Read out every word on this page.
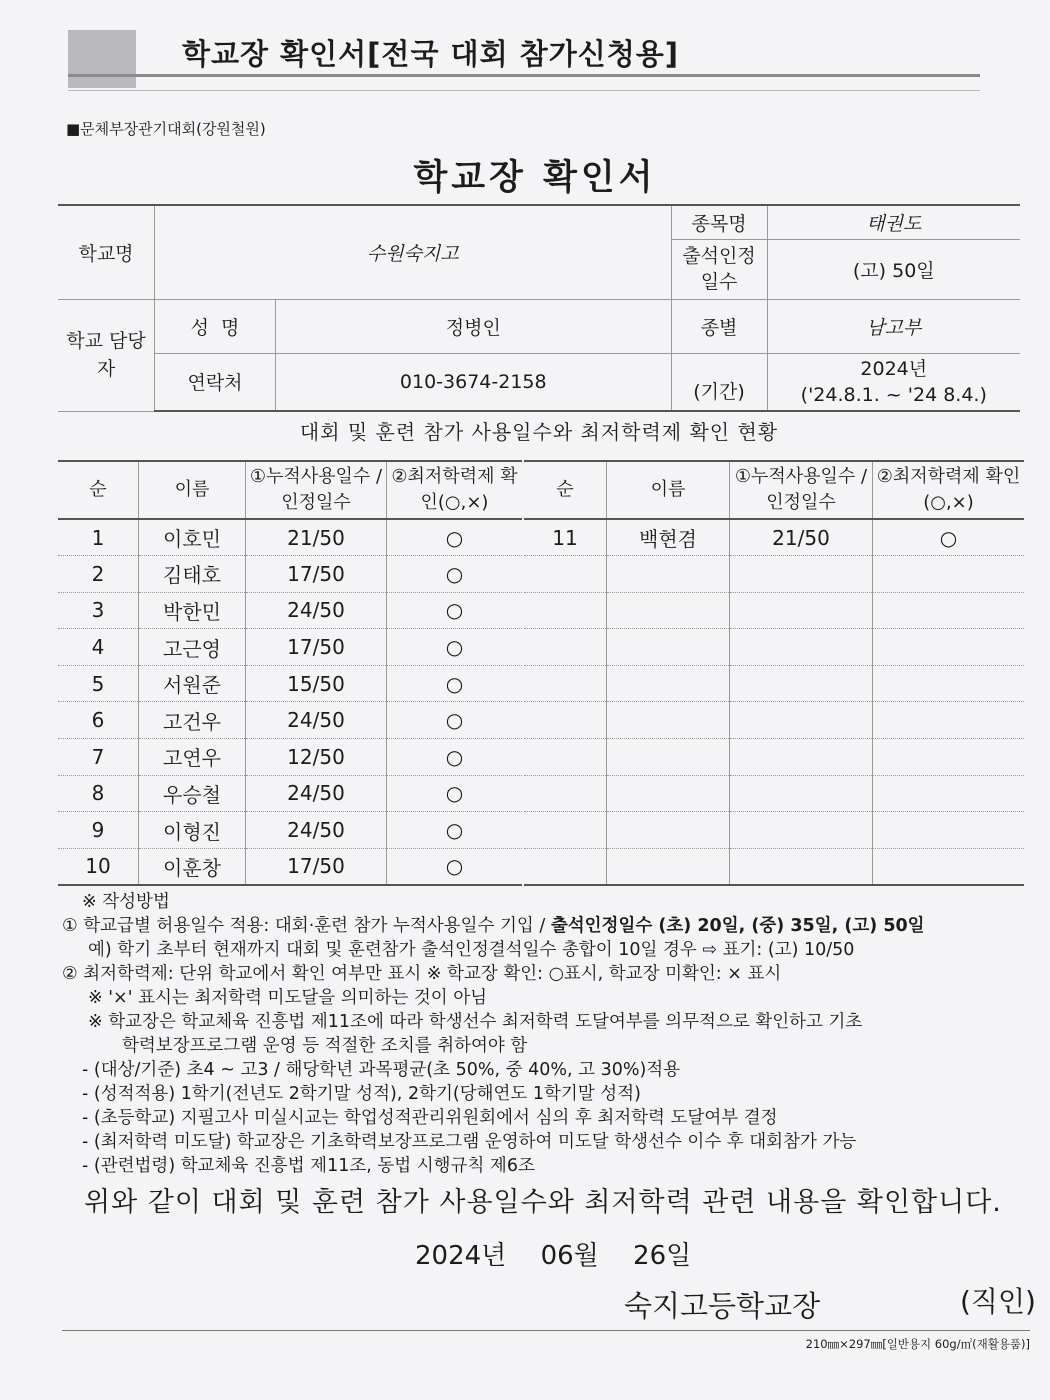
학교장 확인서[전국 대회 참가신청용]
■문체부장관기대회(강원철원)
학교장 확인서
학교명	수원숙지고		종목명	태권도
			출석인정 일수	(고) 50일
학교 담당자	성  명	정병인	종별	남고부
	연락처	010-3674-2158	(기간)	2024년
('24.8.1. ~ '24 8.4.)
대회 및 훈련 참가 사용일수와 최저학력제 확인 현황
순	이름	①누적사용일수 /인정일수	②최저학력제 확인(○,×)
1	이호민	21/50	○
2	김태호	17/50	○
3	박한민	24/50	○
4	고근영	17/50	○
5	서원준	15/50	○
6	고건우	24/50	○
7	고연우	12/50	○
8	우승철	24/50	○
9	이형진	24/50	○
10	이훈창	17/50	○
순	이름	①누적사용일수 /인정일수	②최저학력제 확인(○,×)
11	백현겸	21/50	○

※ 작성방법
① 학교급별 허용일수 적용: 대회·훈련 참가 누적사용일수 기입 / 출석인정일수 (초) 20일, (중) 35일, (고) 50일
예) 학기 초부터 현재까지 대회 및 훈련참가 출석인정결석일수 총합이 10일 경우 ⇨ 표기: (고) 10/50
② 최저학력제: 단위 학교에서 확인 여부만 표시 ※ 학교장 확인: ○표시, 학교장 미확인: × 표시
※ '×' 표시는 최저학력 미도달을 의미하는 것이 아님
※ 학교장은 학교체육 진흥법 제11조에 따라 학생선수 최저학력 도달여부를 의무적으로 확인하고 기초
학력보장프로그램 운영 등 적절한 조치를 취하여야 함
- (대상/기준) 초4 ~ 고3 / 해당학년 과목평균(초 50%, 중 40%, 고 30%)적용
- (성적적용) 1학기(전년도 2학기말 성적), 2학기(당해연도 1학기말 성적)
- (초등학교) 지필고사 미실시교는 학업성적관리위원회에서 심의 후 최저학력 도달여부 결정
- (최저학력 미도달) 학교장은 기초학력보장프로그램 운영하여 미도달 학생선수 이수 후 대회참가 가능
- (관련법령) 학교체육 진흥법 제11조, 동법 시행규칙 제6조
위와 같이 대회 및 훈련 참가 사용일수와 최저학력 관련 내용을 확인합니다.
2024년 06월 26일
숙지고등학교장	(직인)
210㎜×297㎜[일반용지 60g/㎡(재활용품)]
